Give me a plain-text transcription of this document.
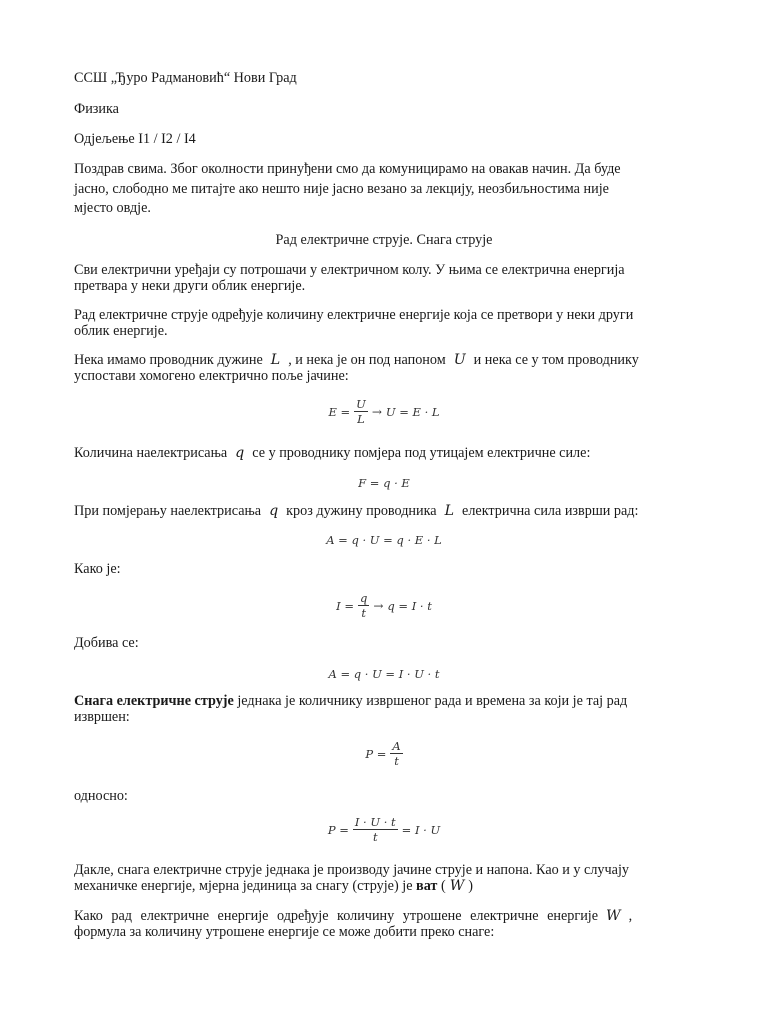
ССШ „Ђуро Радмановић“ Нови Град
Физика
Одјељење I1 / I2 / I4
Поздрав свима. Због околности принуђени смо да комуницирамо на овакав начин. Да буде
јасно, слободно ме питајте ако нешто није јасно везано за лекцију, неозбиљностима није
мјесто овдје.
Рад електричне струје. Снага струје
Сви електрични уређаји су потрошачи у електричном колу. У њима се електрична енергија
претвара у неки други облик енергије.
Рад електричне струје одређује количину електричне енергије која се претвори у неки други
облик енергије.
Нека имамо проводник дужине L , и нека је он под напоном U и нека се у том проводнику
успостави хомогено електрично поље јачине:
$E = \frac{U}{L} \to U = E \cdot L$
Количина наелектрисања q се у проводнику помјера под утицајем електричне силе:
F = q · E
При помјерању наелектрисања q кроз дужину проводника L електрична сила изврши рад:
A = q · U = q · E · L
Како је:
$I = \frac{q}{t} \to q = I \cdot t$
Добива се:
A = q · U = I · U · t
Снага електричне струје једнака је количнику извршеног рада и времена за који је тај рад
извршен:
$P = \frac{A}{t}$
односно:
$P = \frac{I \cdot U \cdot t}{t} = I \cdot U$
Дакле, снага електричне струје једнака је производу јачине струје и напона. Као и у случају
механичке енергије, мјерна јединица за снагу (струје) је ват ( W )
Како рад електричне енергије одређује количину утрошене електричне енергије W ,
формула за количину утрошене енергије се може добити преко снаге:
